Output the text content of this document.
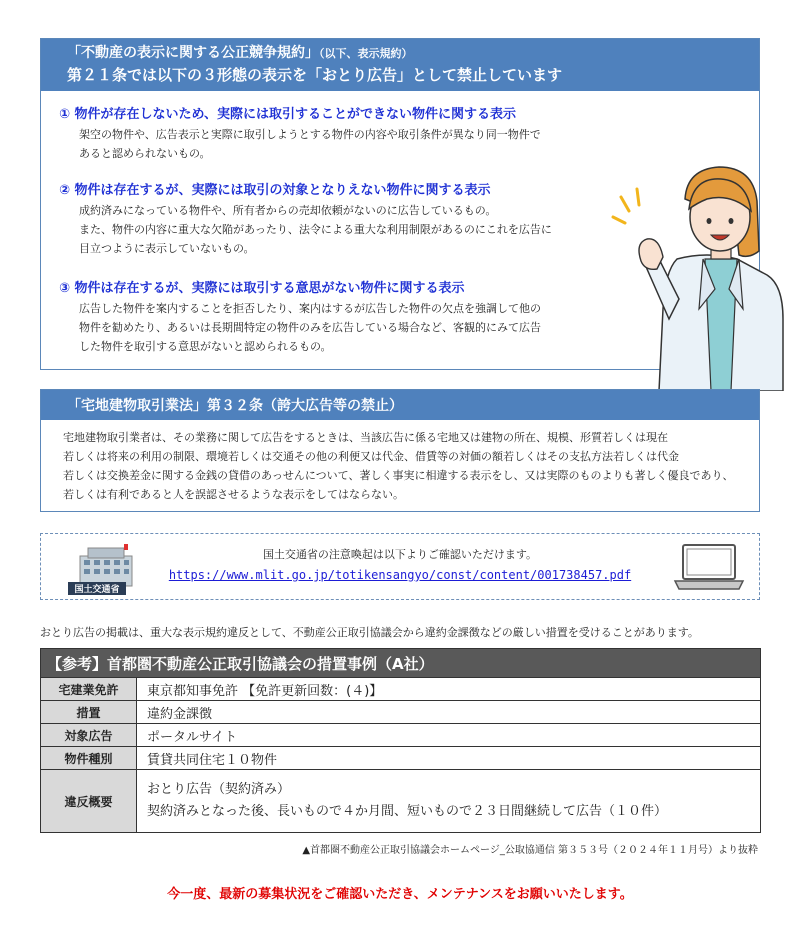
「不動産の表示に関する公正競争規約」（以下、表示規約）
第２１条では以下の３形態の表示を「おとり広告」として禁止しています
① 物件が存在しないため、実際には取引することができない物件に関する表示
架空の物件や、広告表示と実際に取引しようとする物件の内容や取引条件が異なり同一物件で
あると認められないもの。
② 物件は存在するが、実際には取引の対象となりえない物件に関する表示
成約済みになっている物件や、所有者からの売却依頼がないのに広告しているもの。
また、物件の内容に重大な欠陥があったり、法令による重大な利用制限があるのにこれを広告に
目立つように表示していないもの。
③ 物件は存在するが、実際には取引する意思がない物件に関する表示
広告した物件を案内することを拒否したり、案内はするが広告した物件の欠点を強調して他の
物件を勧めたり、あるいは長期間特定の物件のみを広告している場合など、客観的にみて広告
した物件を取引する意思がないと認められるもの。
「宅地建物取引業法」第３２条（誇大広告等の禁止）
宅地建物取引業者は、その業務に関して広告をするときは、当該広告に係る宅地又は建物の所在、規模、形質若しくは現在
若しくは将来の利用の制限、環境若しくは交通その他の利便又は代金、借賃等の対価の額若しくはその支払方法若しくは代金
若しくは交換差金に関する金銭の貸借のあっせんについて、著しく事実に相違する表示をし、又は実際のものよりも著しく優良であり、
若しくは有利であると人を誤認させるような表示をしてはならない。
国土交通省
国土交通省の注意喚起は以下よりご確認いただけます。
https://www.mlit.go.jp/totikensangyo/const/content/001738457.pdf
おとり広告の掲載は、重大な表示規約違反として、不動産公正取引協議会から違約金課徴などの厳しい措置を受けることがあります。
【参考】首都圏不動産公正取引協議会の措置事例（A社）	
宅建業免許	東京都知事免許 【免許更新回数：(４)】
措置	違約金課徴
対象広告	ポータルサイト
物件種別	賃貸共同住宅１０物件
違反概要	おとり広告（契約済み）
契約済みとなった後、長いもので４か月間、短いもので２３日間継続して広告（１０件）
▲首都圏不動産公正取引協議会ホームページ_公取協通信 第３５３号（２０２４年１１月号）より抜粋
今一度、最新の募集状況をご確認いただき、メンテナンスをお願いいたします。
